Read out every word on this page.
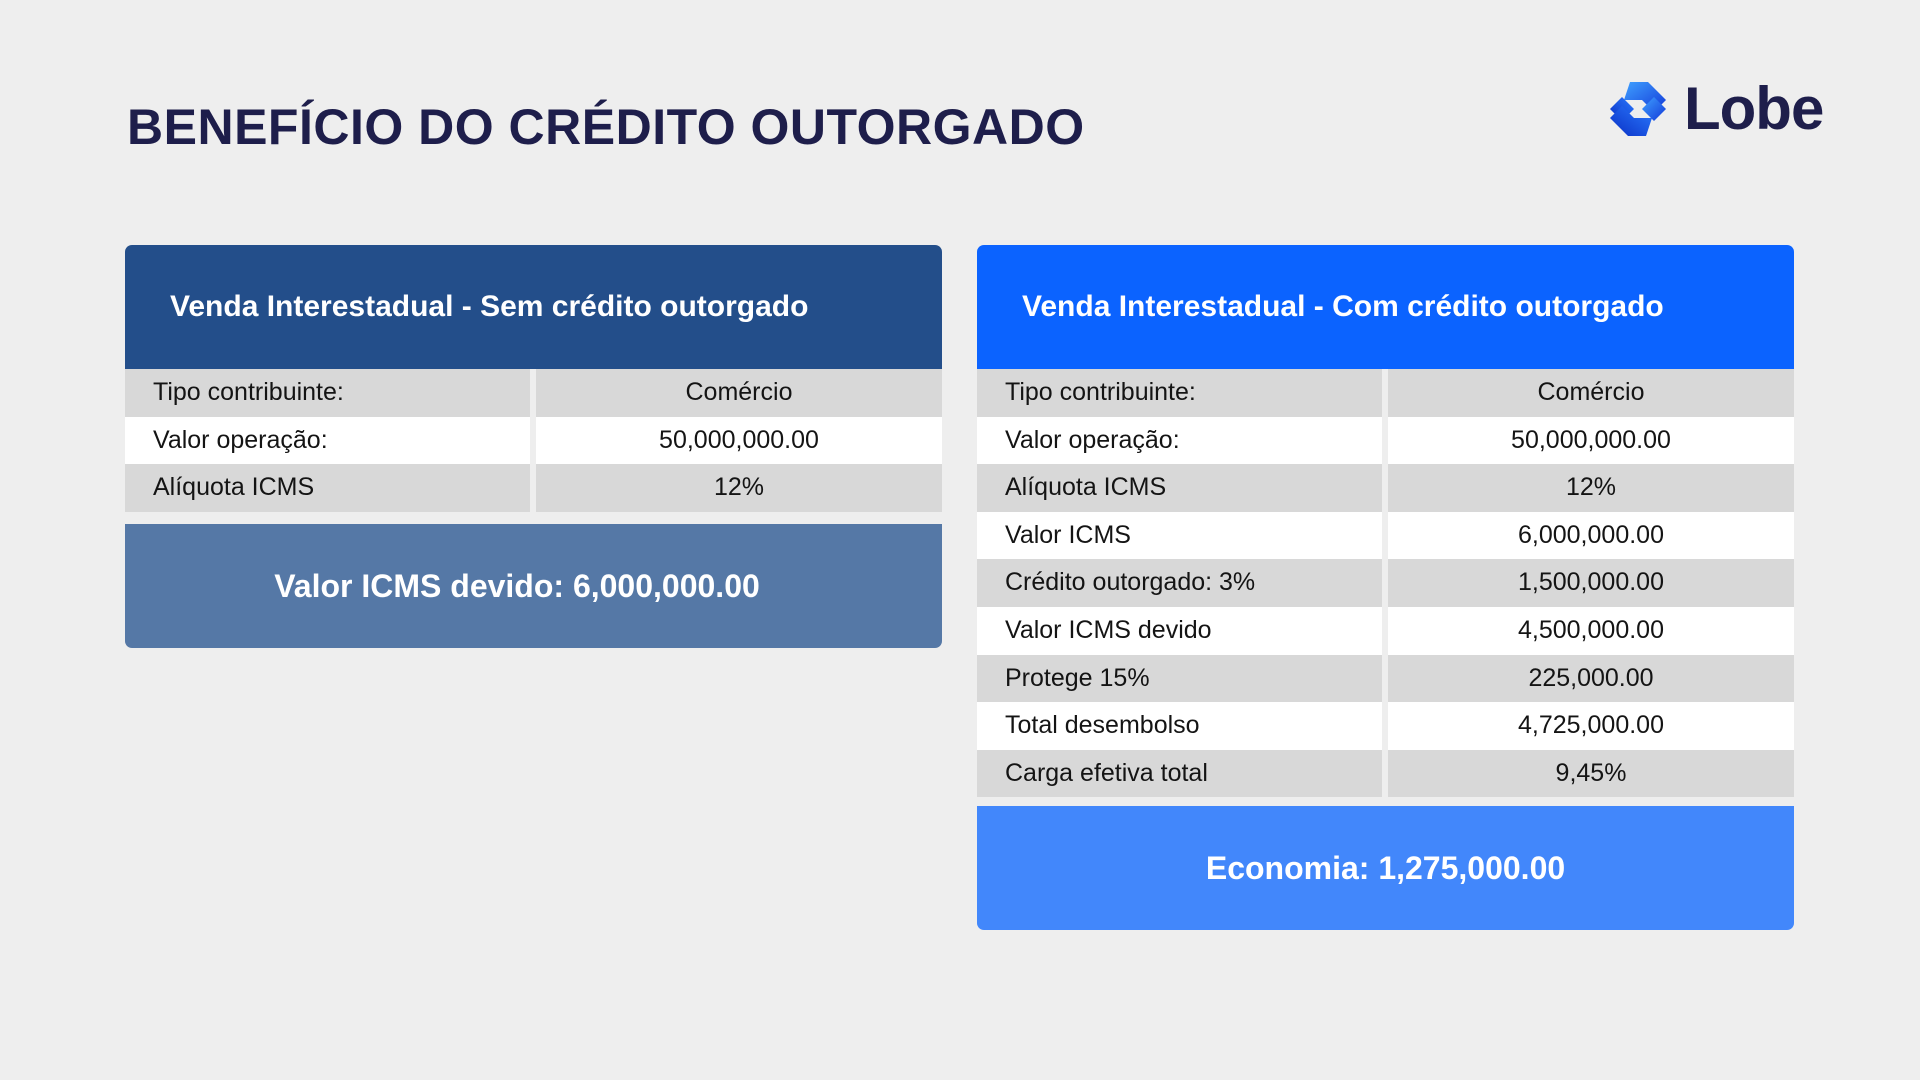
BENEFÍCIO DO CRÉDITO OUTORGADO	Lobe
Venda Interestadual - Sem crédito outorgado
Tipo contribuinte:	Comércio
Valor operação:	50,000,000.00
Alíquota ICMS	12%
Valor ICMS devido: 6,000,000.00
Venda Interestadual - Com crédito outorgado
Tipo contribuinte:	Comércio
Valor operação:	50,000,000.00
Alíquota ICMS	12%
Valor ICMS	6,000,000.00
Crédito outorgado: 3%	1,500,000.00
Valor ICMS devido	4,500,000.00
Protege 15%	225,000.00
Total desembolso	4,725,000.00
Carga efetiva total	9,45%
Economia: 1,275,000.00
